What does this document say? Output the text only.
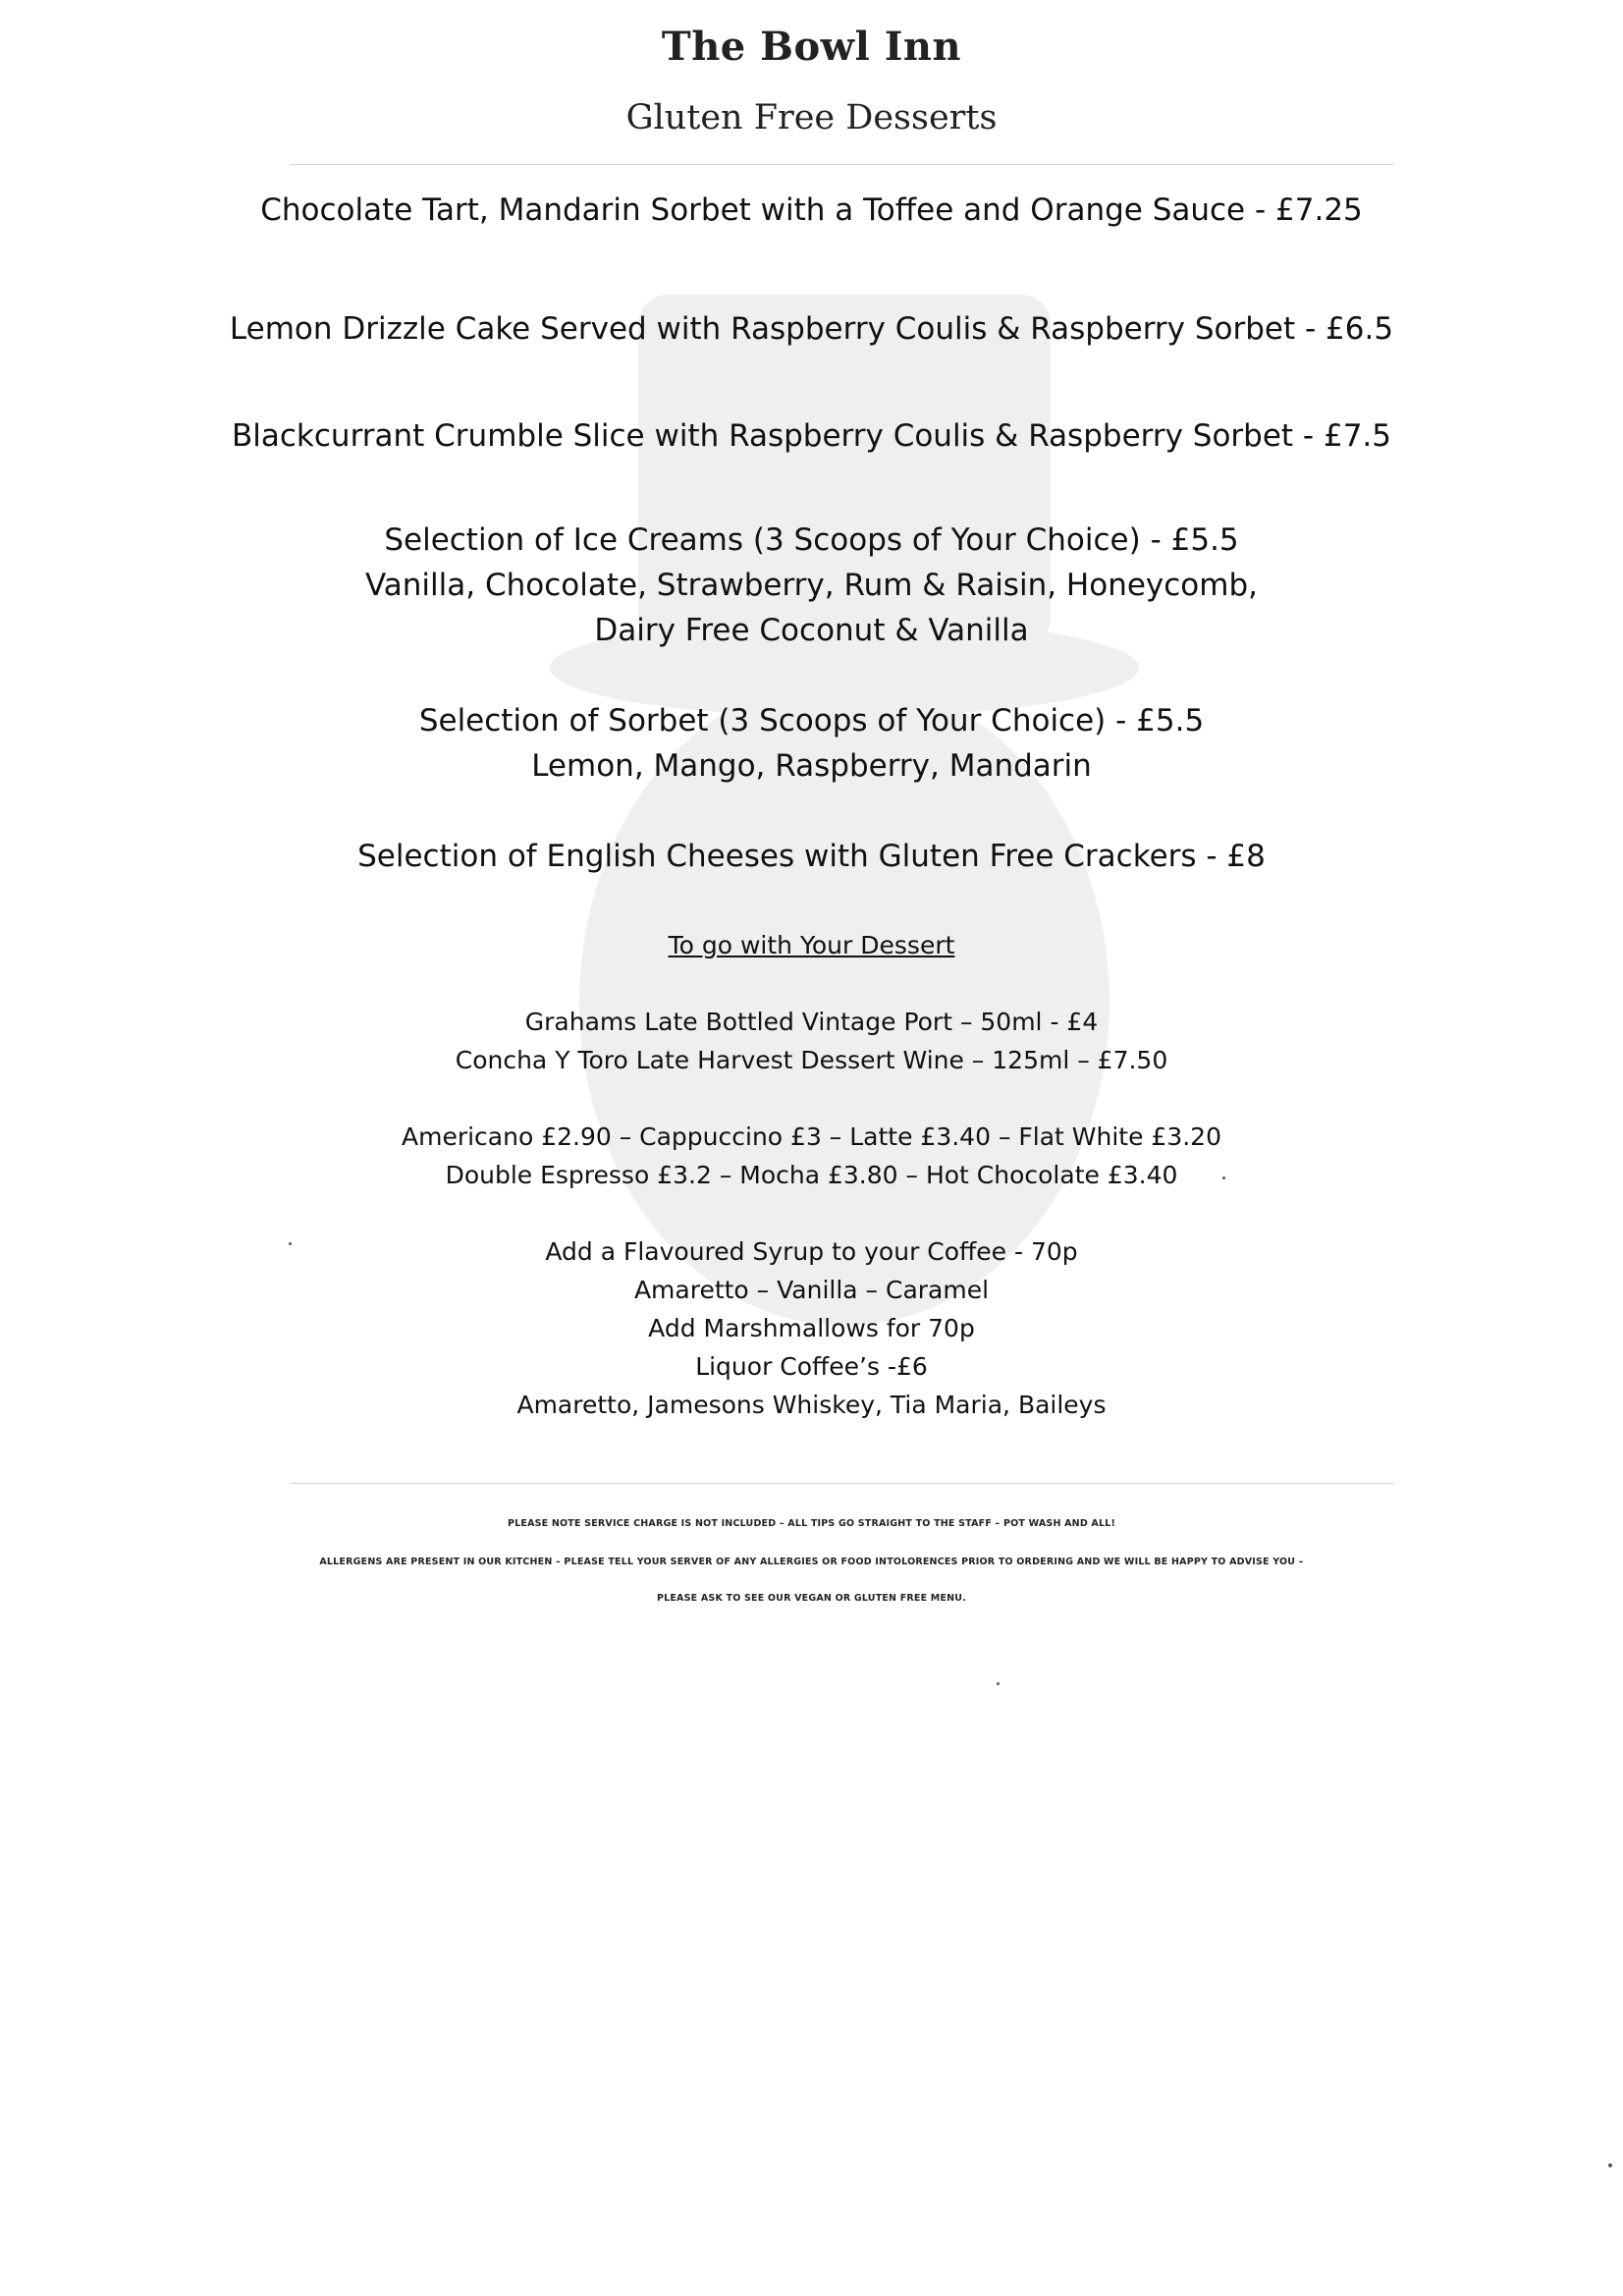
The Bowl Inn
Gluten Free Desserts
Chocolate Tart, Mandarin Sorbet with a Toffee and Orange Sauce - £7.25
Lemon Drizzle Cake Served with Raspberry Coulis & Raspberry Sorbet - £6.5
Blackcurrant Crumble Slice with Raspberry Coulis & Raspberry Sorbet - £7.5
Selection of Ice Creams (3 Scoops of Your Choice) - £5.5
Vanilla, Chocolate, Strawberry, Rum & Raisin, Honeycomb,
Dairy Free Coconut & Vanilla
Selection of Sorbet (3 Scoops of Your Choice) - £5.5
Lemon, Mango, Raspberry, Mandarin
Selection of English Cheeses with Gluten Free Crackers - £8
To go with Your Dessert
Grahams Late Bottled Vintage Port – 50ml - £4
Concha Y Toro Late Harvest Dessert Wine – 125ml – £7.50
Americano £2.90 – Cappuccino £3 – Latte £3.40 – Flat White £3.20
Double Espresso £3.2 – Mocha £3.80 – Hot Chocolate £3.40
Add a Flavoured Syrup to your Coffee - 70p
Amaretto – Vanilla – Caramel
Add Marshmallows for 70p
Liquor Coffee’s -£6
Amaretto, Jamesons Whiskey, Tia Maria, Baileys
PLEASE NOTE SERVICE CHARGE IS NOT INCLUDED – ALL TIPS GO STRAIGHT TO THE STAFF – POT WASH AND ALL!
ALLERGENS ARE PRESENT IN OUR KITCHEN – PLEASE TELL YOUR SERVER OF ANY ALLERGIES OR FOOD INTOLORENCES PRIOR TO ORDERING AND WE WILL BE HAPPY TO ADVISE YOU –
PLEASE ASK TO SEE OUR VEGAN OR GLUTEN FREE MENU.
